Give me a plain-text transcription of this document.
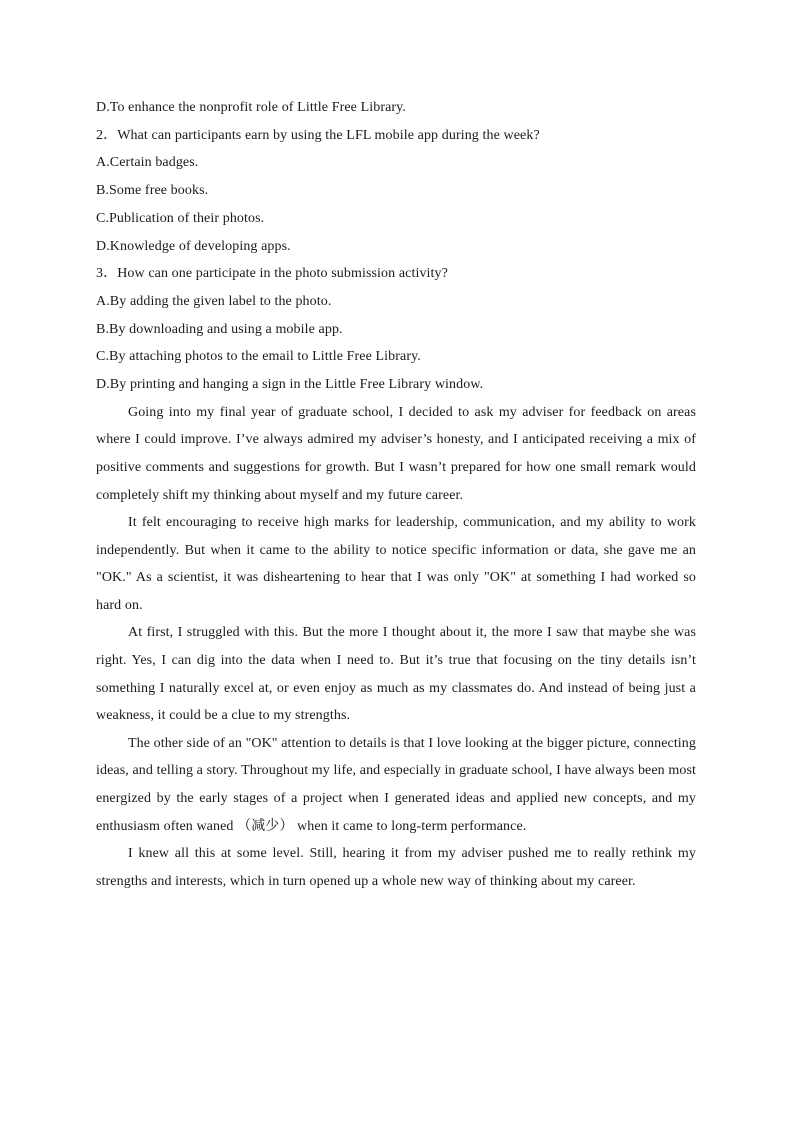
D.To enhance the nonprofit role of Little Free Library.
2．What can participants earn by using the LFL mobile app during the week?
A.Certain badges.
B.Some free books.
C.Publication of their photos.
D.Knowledge of developing apps.
3．How can one participate in the photo submission activity?
A.By adding the given label to the photo.
B.By downloading and using a mobile app.
C.By attaching photos to the email to Little Free Library.
D.By printing and hanging a sign in the Little Free Library window.

Going into my final year of graduate school, I decided to ask my adviser for feedback on areas where I could improve. I’ve always admired my adviser’s honesty, and I anticipated receiving a mix of positive comments and suggestions for growth. But I wasn’t prepared for how one small remark would completely shift my thinking about myself and my future career.

It felt encouraging to receive high marks for leadership, communication, and my ability to work independently. But when it came to the ability to notice specific information or data, she gave me an "OK." As a scientist, it was disheartening to hear that I was only "OK" at something I had worked so hard on.

At first, I struggled with this. But the more I thought about it, the more I saw that maybe she was right. Yes, I can dig into the data when I need to. But it’s true that focusing on the tiny details isn’t something I naturally excel at, or even enjoy as much as my classmates do. And instead of being just a weakness, it could be a clue to my strengths.

The other side of an "OK" attention to details is that I love looking at the bigger picture, connecting ideas, and telling a story. Throughout my life, and especially in graduate school, I have always been most energized by the early stages of a project when I generated ideas and applied new concepts, and my enthusiasm often waned （减少） when it came to long-term performance.

I knew all this at some level. Still, hearing it from my adviser pushed me to really rethink my strengths and interests, which in turn opened up a whole new way of thinking about my career.
